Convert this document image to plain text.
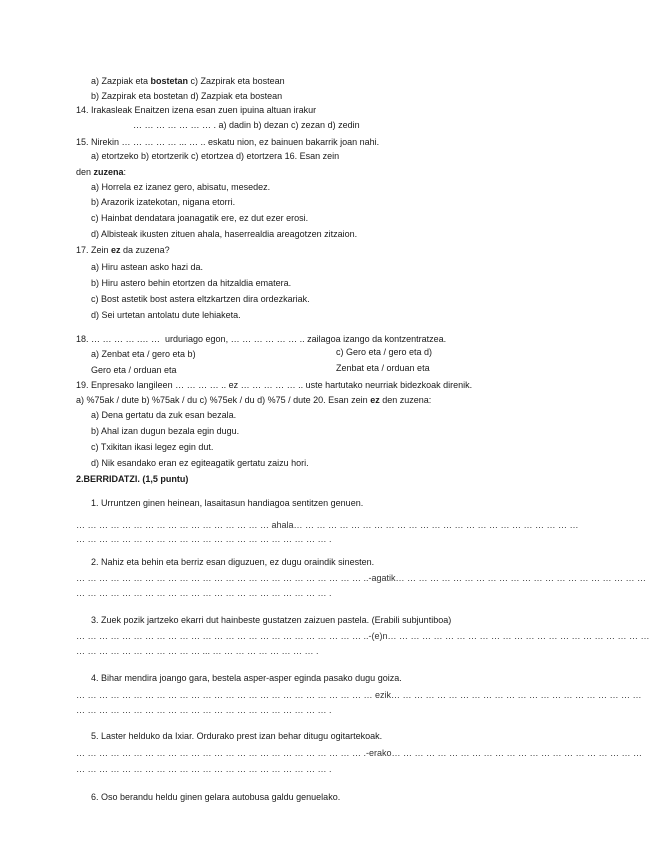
a) Zazpiak eta bostetan c) Zazpirak eta bostean
b) Zazpirak eta bostetan d) Zazpiak eta bostean
14. Irakasleak Enaitzen izena esan zuen ipuina altuan irakur
… … … … … … … . a) dadin b) dezan c) zezan d) zedin
15. Nirekin … … … … … ... … .. eskatu nion, ez bainuen bakarrik joan nahi.
a) etortzeko b) etortzerik c) etortzea d) etortzera 16. Esan zein
den zuzena:
a) Horrela ez izanez gero, abisatu, mesedez.
b) Arazorik izatekotan, nigana etorri.
c) Hainbat dendatara joanagatik ere, ez dut ezer erosi.
d) Albisteak ikusten zituen ahala, haserrealdia areagotzen zitzaion.
17. Zein ez da zuzena?
a) Hiru astean asko hazi da.
b) Hiru astero behin etortzen da hitzaldia ematera.
c) Bost astetik bost astera eltzkartzen dira ordezkariak.
d) Sei urtetan antolatu dute lehiaketa.
18. … … … … .… …  urduriago egon, … … … … … … .. zailagoa izango da kontzentratzea.
a) Zenbat eta / gero eta b)	c) Gero eta / gero eta d)
Gero eta / orduan eta	Zenbat eta / orduan eta
19. Enpresako langileen … … … … .. ez … … … … … .. uste hartutako neurriak bidezkoak direnik.
a) %75ak / dute b) %75ak / du c) %75ek / du d) %75 / dute 20. Esan zein ez den zuzena:
a) Dena gertatu da zuk esan bezala.
b) Ahal izan dugun bezala egin dugu.
c) Txikitan ikasi legez egin dut.
d) Nik esandako eran ez egiteagatik gertatu zaizu hori.
2.BERRIDATZI. (1,5 puntu)
1. Urruntzen ginen heinean, lasaitasun handiagoa sentitzen genuen.
… … … … … … … … … … … … … … … … … ahala… … … … … … … … … … … … … … … … … … … … … … … … …
… … … … … … … … … … … … … … … … … … … … … … .
2. Nahiz eta behin eta berriz esan diguzuen, ez dugu oraindik sinesten.
… … … … … … … … … … … … … … … … … … … … … … … … … ..-agatik… … … … … … … … … … … … … … … … … … … … … …
… … … … … … … … … … … … … … … … … … … … … … .
3. Zuek pozik jartzeko ekarri dut hainbeste gustatzen zaizuen pastela. (Erabili subjuntiboa)
… … … … … … … … … … … … … … … … … … … … … … … … … ..-(e)n… … … … … … … … … … … … … … … … … … … … … … …
… … … … … … … … … … … ... … … … … … … … … … .
4. Bihar mendira joango gara, bestela asper-asper eginda pasako dugu goiza.
… … … … … … … … … … … … … … … … … … … … … … … … … … ezik… … … … … … … … … … … … … … … … … … … … … …
… … … … … … … … … … … … … … … … … … … … … … .
5. Laster helduko da Ixiar. Ordurako prest izan behar ditugu ogitartekoak.
… … … … … … … … … … … … … … … … … … … … … … … … … .-erako… … … … … … … … … … … … … … … … … … … … … …
… … … … … … … … … … … … … … … … … … … … … … .
6. Oso berandu heldu ginen gelara autobusa galdu genuelako.
